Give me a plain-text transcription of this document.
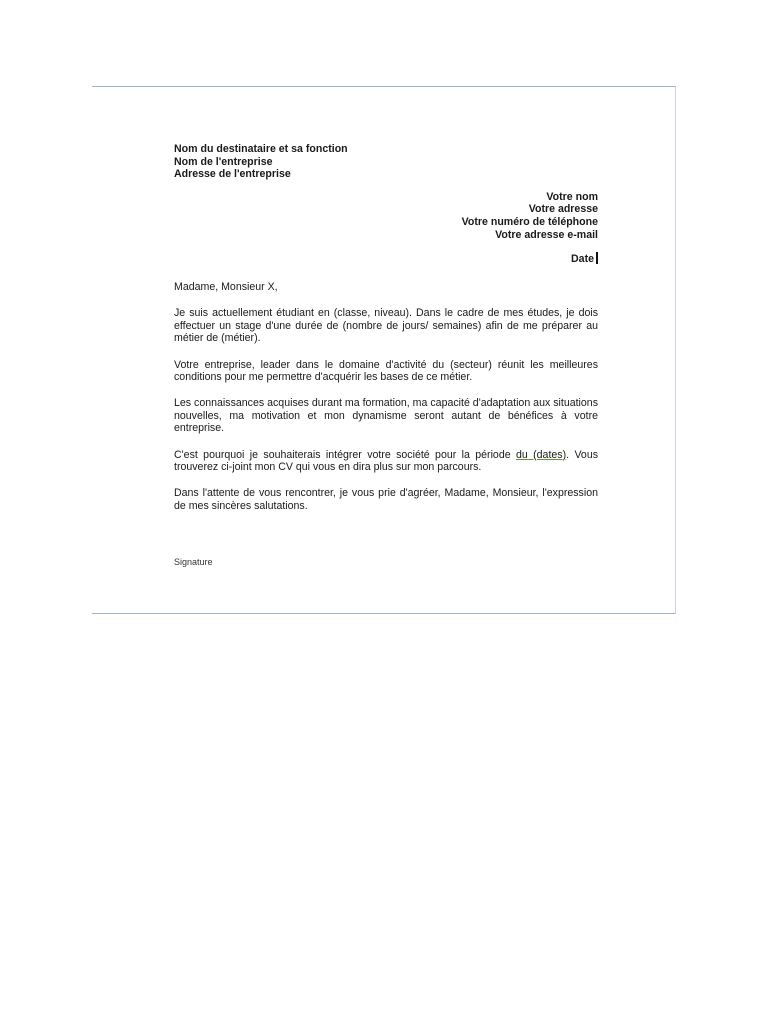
Nom du destinataire et sa fonction
Nom de l'entreprise
Adresse de l'entreprise
Votre nom
Votre adresse
Votre numéro de téléphone
Votre adresse e-mail
Date
Madame, Monsieur X,

Je suis actuellement étudiant en (classe, niveau). Dans le cadre de mes études, je dois effectuer un stage d'une durée de (nombre de jours/ semaines) afin de me préparer au métier de (métier).

Votre entreprise, leader dans le domaine d'activité du (secteur) réunit les meilleures conditions pour me permettre d'acquérir les bases de ce métier.

Les connaissances acquises durant ma formation, ma capacité d'adaptation aux situations nouvelles, ma motivation et mon dynamisme seront autant de bénéfices à votre entreprise.

C'est pourquoi je souhaiterais intégrer votre société pour la période du (dates). Vous trouverez ci-joint mon CV qui vous en dira plus sur mon parcours.

Dans l'attente de vous rencontrer, je vous prie d'agréer, Madame, Monsieur, l'expression de mes sincères salutations.

Signature
